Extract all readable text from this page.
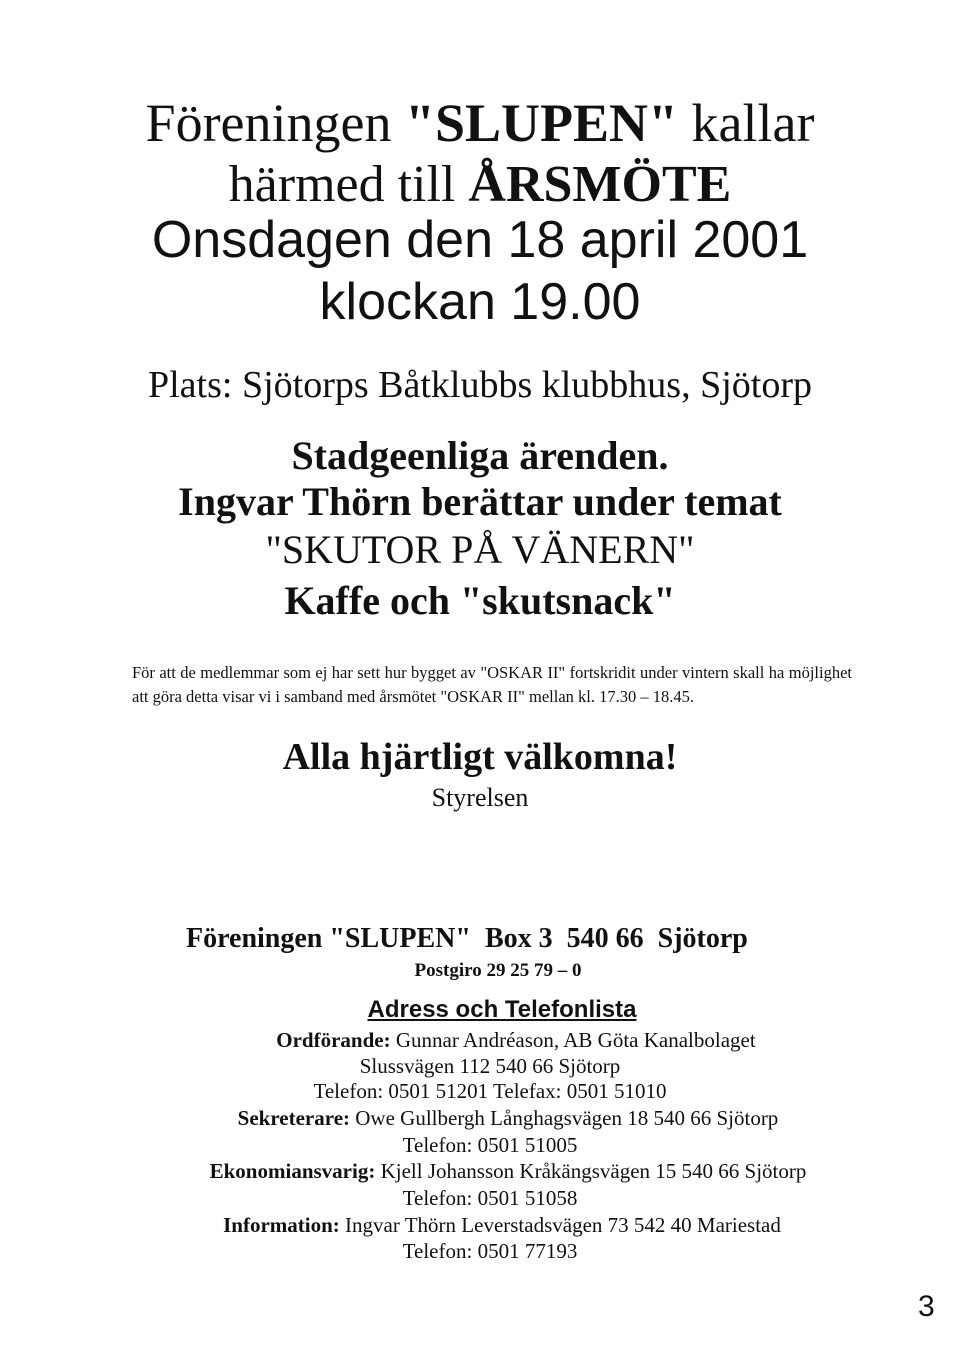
Föreningen "SLUPEN" kallar
härmed till ÅRSMÖTE
Onsdagen den 18 april 2001
klockan 19.00
Plats: Sjötorps Båtklubbs klubbhus, Sjötorp
Stadgeenliga ärenden.
Ingvar Thörn berättar under temat
"SKUTOR PÅ VÄNERN"
Kaffe och "skutsnack"

För att de medlemmar som ej har sett hur bygget av "OSKAR II" fortskridit under vintern skall ha möjlighet att göra detta visar vi i samband med årsmötet "OSKAR II" mellan kl. 17.30 – 18.45.

Alla hjärtligt välkomna!
Styrelsen
Föreningen "SLUPEN" Box 3 540 66 Sjötorp
Postgiro 29 25 79 – 0
Adress och Telefonlista
Ordförande: Gunnar Andréason, AB Göta Kanalbolaget
Slussvägen 112 540 66 Sjötorp
Telefon: 0501 51201 Telefax: 0501 51010
Sekreterare: Owe Gullbergh Långhagsvägen 18 540 66 Sjötorp
Telefon: 0501 51005
Ekonomiansvarig: Kjell Johansson Kråkängsvägen 15 540 66 Sjötorp
Telefon: 0501 51058
Information: Ingvar Thörn Leverstadsvägen 73 542 40 Mariestad
Telefon: 0501 77193
3
